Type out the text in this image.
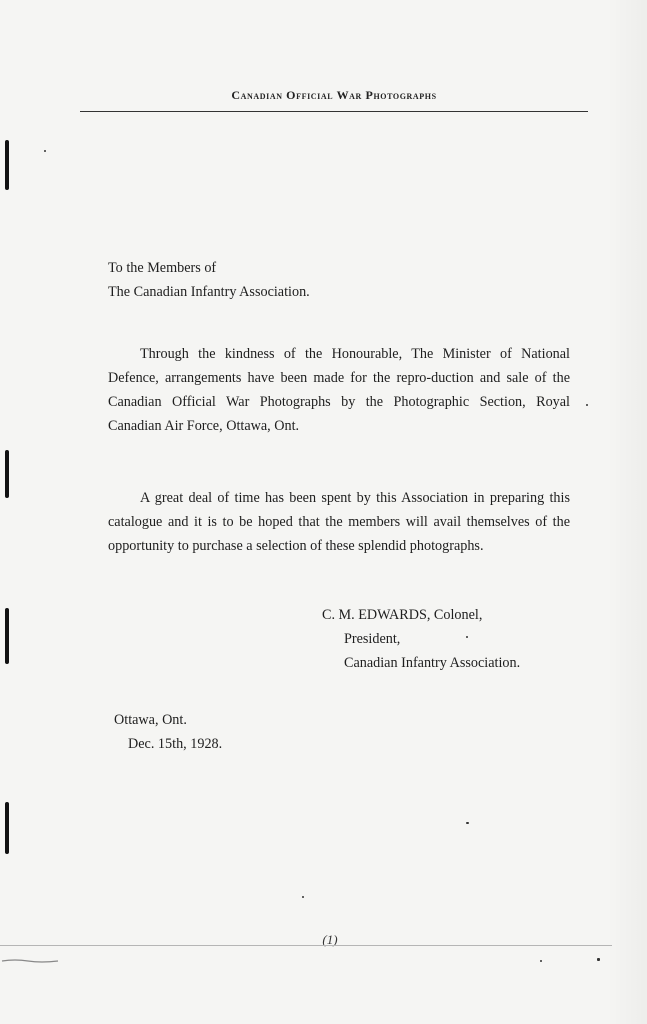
Canadian Official War Photographs
To the Members of
The Canadian Infantry Association.
Through the kindness of the Honourable, The Minister of National Defence, arrangements have been made for the repro-duction and sale of the Canadian Official War Photographs by the Photographic Section, Royal Canadian Air Force, Ottawa, Ont.
A great deal of time has been spent by this Association in preparing this catalogue and it is to be hoped that the members will avail themselves of the opportunity to purchase a selection of these splendid photographs.
C. M. EDWARDS, Colonel,
President,
Canadian Infantry Association.
Ottawa, Ont.
Dec. 15th, 1928.
(1)
